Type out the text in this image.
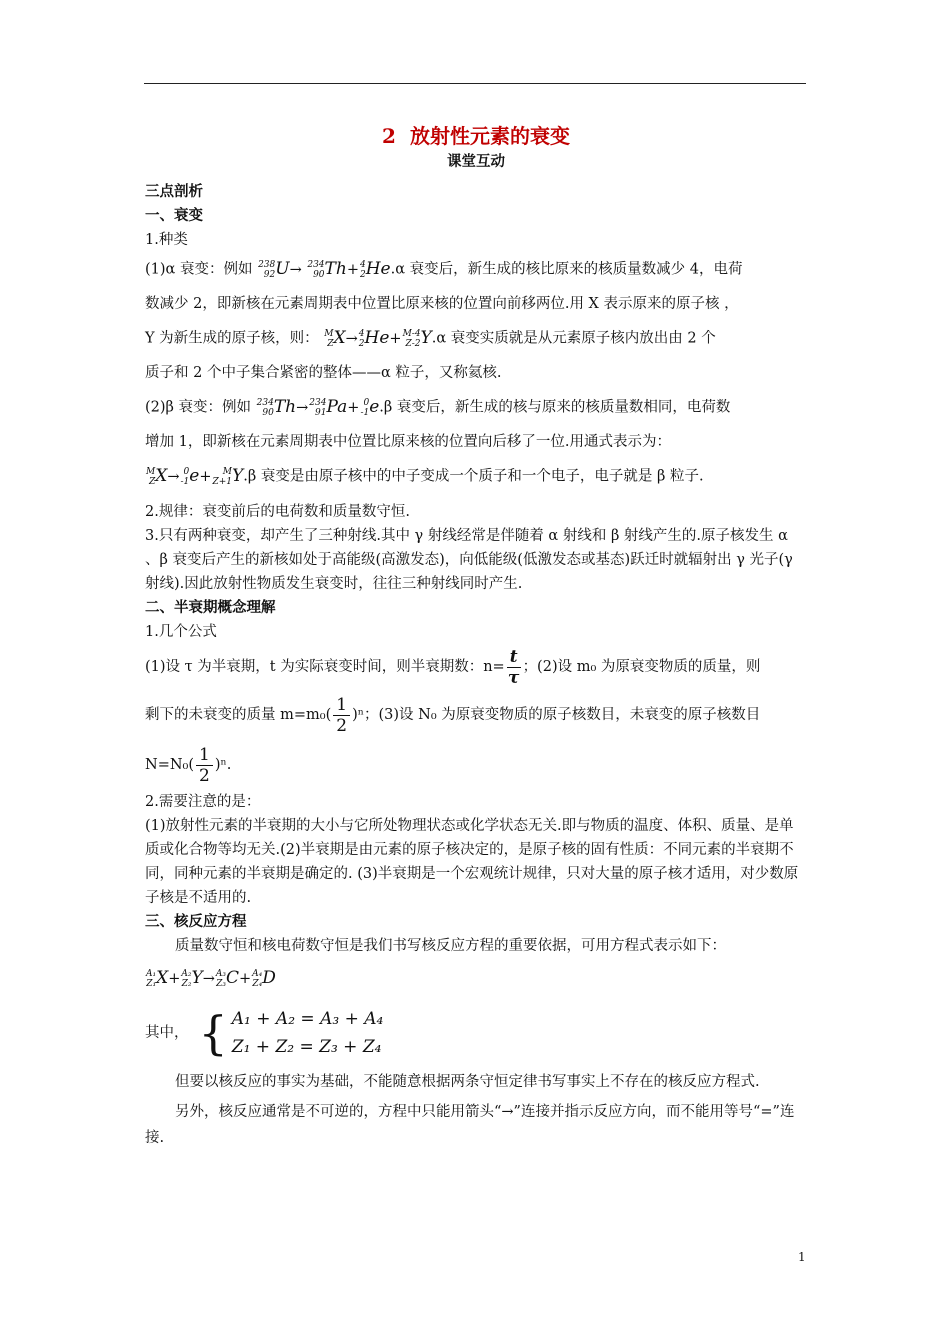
2 放射性元素的衰变
课堂互动

三点剖析

一、衰变

1.种类

(1)α 衰变：例如 238
92 U→ 234
90 Th+ 4
2 He.α 衰变后，新生成的核比原来的核质量数减少 4，电荷

数减少 2，即新核在元素周期表中位置比原来核的位置向前移两位.用 X 表示原来的原子核 ，

Y 为新生成的原子核，则： M
Z X→ 4
2 He+ M-4
Z-2 Y.α 衰变实质就是从元素原子核内放出由 2 个

质子和 2 个中子集合紧密的整体——α 粒子，又称氦核.

(2)β 衰变：例如 234
90 Th→ 234
91 Pa+ 0
-1 e.β 衰变后，新生成的核与原来的核质量数相同，电荷数

增加 1，即新核在元素周期表中位置比原来核的位置向后移了一位.用通式表示为：

M
Z X→ 0
-1 e+	M
Z+1 Y.β 衰变是由原子核中的中子变成一个质子和一个电子，电子就是 β 粒子.

2.规律：衰变前后的电荷数和质量数守恒.

3.只有两种衰变，却产生了三种射线.其中 γ 射线经常是伴随着 α 射线和 β 射线产生的.原子核发生 α 、β 衰变后产生的新核如处于高能级(高激发态)，向低能级(低激发态或基态)跃迁时就辐射出 γ 光子(γ 射线).因此放射性物质发生衰变时，往往三种射线同时产生.

二、半衰期概念理解

1.几个公式

(1)设 τ 为半衰期，t 为实际衰变时间，则半衰期数：$n= \frac{t}{\tau}$ ；(2)设 m₀ 为原衰变物质的质量，则

剩下的未衰变的质量 $m=m_0( \frac{1}{2} )^n$；(3)设 N₀ 为原衰变物质的原子核数目，未衰变的原子核数目

$N=N_0( \frac{1}{2} )^n$.

2.需要注意的是：

(1)放射性元素的半衰期的大小与它所处物理状态或化学状态无关.即与物质的温度、体积、质量、是单质或化合物等均无关.(2)半衰期是由元素的原子核决定的，是原子核的固有性质：不同元素的半衰期不同，同种元素的半衰期是确定的. (3)半衰期是一个宏观统计规律，只对大量的原子核才适用，对少数原子核是不适用的.

三、核反应方程

质量数守恒和核电荷数守恒是我们书写核反应方程的重要依据，可用方程式表示如下：

A₁
Z₁ X+ A₂
Z₂ Y→ A₃
Z₃ C+ A₄
Z₄ D

其中， { A₁ + A₂ = A₃ + A₄
Z₁ + Z₂ = Z₃ + Z₄

但要以核反应的事实为基础，不能随意根据两条守恒定律书写事实上不存在的核反应方程式.

另外，核反应通常是不可逆的，方程中只能用箭头“→”连接并指示反应方向，而不能用等号“=”连接.

1
